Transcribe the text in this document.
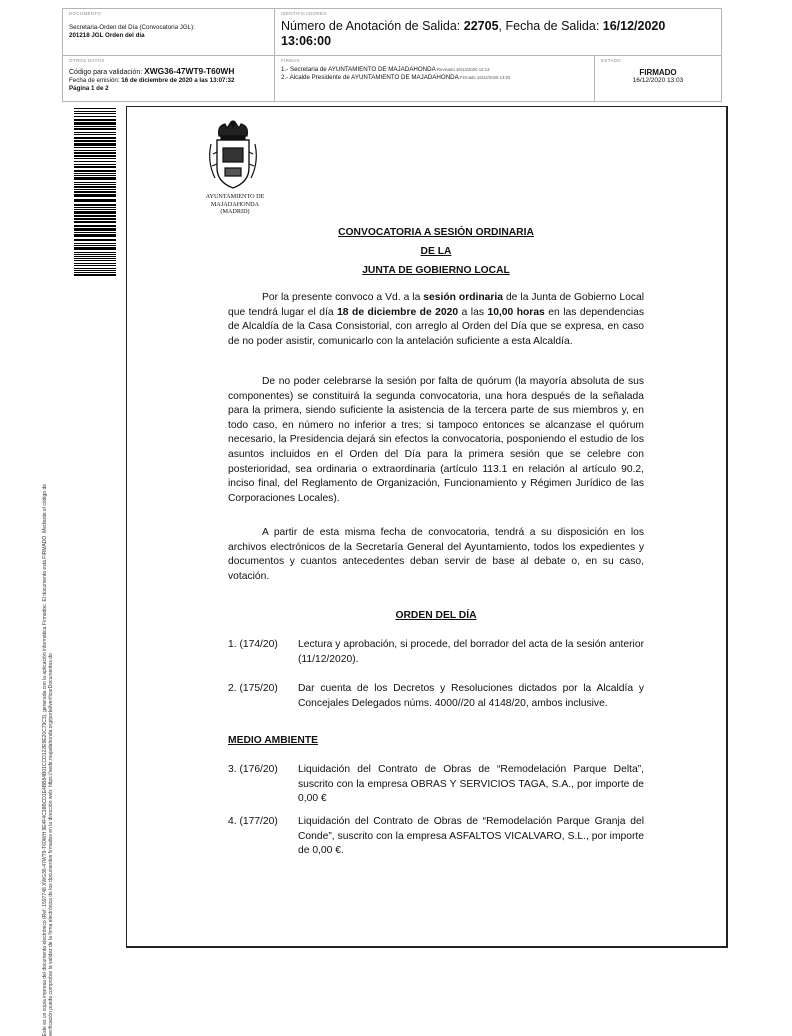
DOCUMENTO
Secretaria-Orden del Día (Convocatoria JGL):
201218 JGL Orden del día
IDENTIFICADORES
Número de Anotación de Salida: 22705, Fecha de Salida: 16/12/2020
13:06:00
OTROS DATOS
Código para validación: XWG36-47WT9-T60WH
Fecha de emisión: 16 de diciembre de 2020 a las 13:07:32
Página 1 de 2
FIRMAS
1.- Secretaria de AYUNTAMIENTO DE MAJADAHONDA Revisado 16/12/2020 12:13
2.- Alcalde Presidente de AYUNTAMIENTO DE MAJADAHONDA Firmado 16/12/2020 13:03
ESTADO
FIRMADO
16/12/2020 13:03
Este es un copia impresa del documento electrónico (Ref: 1597748 XWG36-47WT9-T60WH 9E4F4C38BCD1E4BB84B01CCD122E9E20C79C3), generada con la aplicación informática Firmadoc. El documento está FIRMADO. Mediante el código de verificación puede comprobar la validez de la firma electrónica de los documentos firmados en la dirección web: https://sede.majadahonda.org/portal/verificarDocumentos.do
AYUNTAMIENTO DE
MAJADAHONDA
(MADRID)
CONVOCATORIA A SESIÓN ORDINARIA
DE LA
JUNTA DE GOBIERNO LOCAL
Por la presente convoco a Vd. a la sesión ordinaria de la Junta de Gobierno Local que tendrá lugar el día 18 de diciembre de 2020 a las 10,00 horas en las dependencias de Alcaldía de la Casa Consistorial, con arreglo al Orden del Día que se expresa, en caso de no poder asistir, comunicarlo con la antelación suficiente a esta Alcaldía.
De no poder celebrarse la sesión por falta de quórum (la mayoría absoluta de sus componentes) se constituirá la segunda convocatoria, una hora después de la señalada para la primera, siendo suficiente la asistencia de la tercera parte de sus miembros y, en todo caso, en número no inferior a tres; si tampoco entonces se alcanzase el quórum necesario, la Presidencia dejará sin efectos la convocatoria, posponiendo el estudio de los asuntos incluidos en el Orden del Día para la primera sesión que se celebre con posterioridad, sea ordinaria o extraordinaria (artículo 113.1 en relación al artículo 90.2, inciso final, del Reglamento de Organización, Funcionamiento y Régimen Jurídico de las Corporaciones Locales).
A partir de esta misma fecha de convocatoria, tendrá a su disposición en los archivos electrónicos de la Secretaría General del Ayuntamiento, todos los expedientes y documentos y cuantos antecedentes deban servir de base al debate o, en su caso, votación.
ORDEN DEL DÍA
1. (174/20) Lectura y aprobación, si procede, del borrador del acta de la sesión anterior (11/12/2020).
2. (175/20) Dar cuenta de los Decretos y Resoluciones dictados por la Alcaldía y Concejales Delegados núms. 4000//20 al 4148/20, ambos inclusive.
MEDIO AMBIENTE
3. (176/20) Liquidación del Contrato de Obras de “Remodelación Parque Delta”, suscrito con la empresa OBRAS Y SERVICIOS TAGA, S.A., por importe de 0,00 €
4. (177/20) Liquidación del Contrato de Obras de “Remodelación Parque Granja del Conde”, suscrito con la empresa ASFALTOS VICALVARO, S.L., por importe de 0,00 €.
